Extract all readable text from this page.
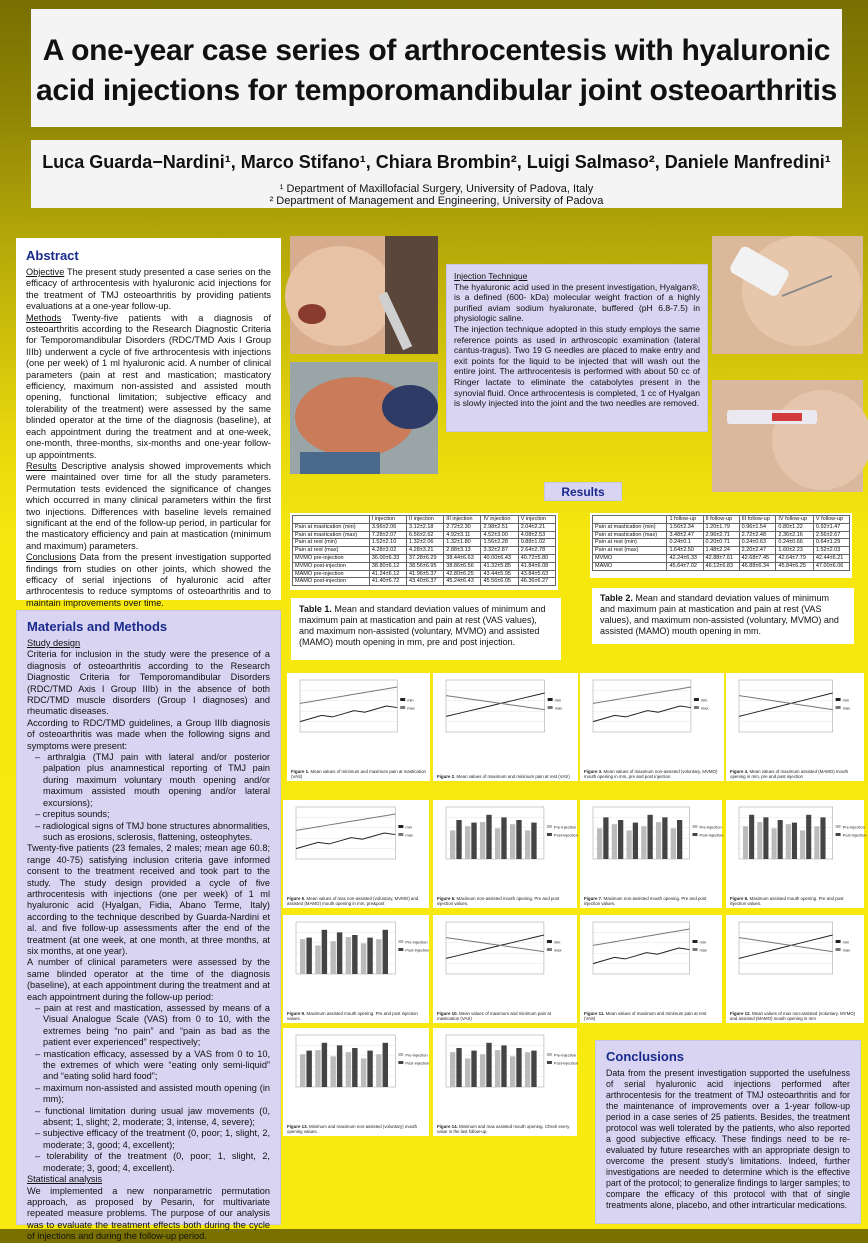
A one-year case series of arthrocentesis with hyaluronic acid injections for temporomandibular joint osteoarthritis
Luca Guarda−Nardini¹, Marco Stifano¹, Chiara Brombin², Luigi Salmaso², Daniele Manfredini¹
¹ Department of Maxillofacial Surgery, University of Padova, Italy
² Department of Management and Engineering, University of Padova
Abstract
Objective The present study presented a case series on the efficacy of arthrocentesis with hyaluronic acid injections for the treatment of TMJ osteoarthritis by providing patients evaluations at a one-year follow-up.
Methods Twenty-five patients with a diagnosis of osteoarthritis according to the Research Diagnostic Criteria for Temporomandibular Disorders (RDC/TMD Axis I Group IIIb) underwent a cycle of five arthrocentesis with injections (one per week) of 1 ml hyaluronic acid. A number of clinical parameters (pain at rest and mastication; masticatory efficiency, maximum non-assisted and assisted mouth opening, functional limitation; subjective efficacy and tolerability of the treatment) were assessed by the same blinded operator at the time of the diagnosis (baseline), at each appointment during the treatment and at one-week, one-month, three-months, six-months and one-year follow-up appointments.
Results Descriptive analysis showed improvements which were maintained over time for all the study parameters. Permutation tests evidenced the significance of changes which occurred in many clinical parameters within the first two injections. Differences with baseline levels remained significant at the end of the follow-up period, in particular for the masticatory efficiency and pain at mastication (minimum and maximum) parameters.
Conclusions Data from the present investigation supported findings from studies on other joints, which showed the efficacy of serial injections of hyaluronic acid after arthrocentesis to reduce symptoms of osteoarthritis and to maintain improvements over time.
Materials and Methods
Study design
Criteria for inclusion in the study were the presence of a diagnosis of osteoarthritis according to the Research Diagnostic Criteria for Temporomandibular Disorders (RDC/TMD Axis I Group IIIb) in the absence of both RDC/TMD muscle disorders (Group I diagnoses) and rheumatic diseases.
According to RDC/TMD guidelines, a Group IIIb diagnosis of osteoarthritis was made when the following signs and symptoms were present:
– arthralgia (TMJ pain with lateral and/or posterior palpation plus anamnestical reporting of TMJ pain during maximum voluntary mouth opening and/or maximum assisted mouth opening and/or lateral excursions);
– crepitus sounds;
– radiological signs of TMJ bone structures abnormalities, such as erosions, sclerosis, flattening, osteophytes.
Twenty-five patients (23 females, 2 males; mean age 60.8; range 40-75) satisfying inclusion criteria gave informed consent to the treatment received and took part to the study. The study design provided a cycle of five arthrocentesis with injections (one per week) of 1 ml hyaluronic acid (Hyalgan, Fidia, Abano Terme, Italy) according to the technique described by Guarda-Nardini et al. and five follow-up assessments after the end of the treatment (at one week, at one month, at three months, at six months, at one year).
A number of clinical parameters were assessed by the same blinded operator at the time of the diagnosis (baseline), at each appointment during the treatment and at each appointment during the follow-up period:
– pain at rest and mastication, assessed by means of a Visual Analogue Scale (VAS) from 0 to 10, with the extremes being “no pain” and “pain as bad as the patient ever experienced” respectively;
– mastication efficacy, assessed by a VAS from 0 to 10, the extremes of which were “eating only semi-liquid” and “eating solid hard food”;
– maximum non-assisted and assisted mouth opening (in mm);
– functional limitation during usual jaw movements (0, absent; 1, slight; 2, moderate; 3, intense, 4, severe);
– subjective efficacy of the treatment (0, poor; 1, slight, 2, moderate; 3, good; 4, excellent);
– tolerability of the treatment (0, poor; 1, slight, 2, moderate; 3, good; 4, excellent).
Statistical analysis
We implemented a new nonparametric permutation approach, as proposed by Pesarin, for multivariate repeated measure problems. The purpose of our analysis was to evaluate the treatment effects both during the cycle of injections and during the follow-up period.
Injection Technique
The hyaluronic acid used in the present investigation, Hyalgan®, is a defined (600- kDa) molecular weight fraction of a highly purified aviam sodium hyaluronate, buffered (pH 6.8-7.5) in physiologic saline.
The injection technique adopted in this study employs the same reference points as used in arthroscopic examination (lateral cantus-tragus). Two 19 G needles are placed to make entry and exit points for the liquid to be injected that will wash out the entire joint. The arthrocentesis is performed with about 50 cc of Ringer lactate to eliminate the catabolytes present in the synovial fluid. Once arthrocentesis is completed, 1 cc of Hyalgan is slowly injected into the joint and the two needles are removed.
Results
	I injection	II injection	III injection	IV injection	V injection
Pain at mastication (min)	3.96±2.06	3.12±2.18	2.72±2.30	2.98±2.51	2.04±2.21
Pain at mastication (max)	7.28±2.07	6.56±2.62	4.92±3.11	4.52±3.00	4.08±2.53
Pain at rest (min)	1.52±2.10	1.32±2.06	1.32±1.80	1.56±2.28	0.88±1.02
Pain at rest (max)	4.28±3.02	4.28±3.21	2.88±3.13	3.32±2.87	2.64±2.78
MVMO pre-injection	36.00±6.33	37.28±6.29	38.44±6.63	40.00±6.43	40.72±5.80
MVMO post-injection	38.80±6.12	38.56±6.95	38.86±6.56	41.32±5.85	41.84±6.08
MAMO pre-injection	41.24±6.12	41.96±5.37	42.80±6.25	43.44±5.95	43.84±5.63
MAMO post-injection	41.40±6.72	43.40±6.37	45.24±6.43	45.56±6.05	46.36±6.27
Table 1. Mean and standard deviation values of minimum and maximum pain at mastication and pain at rest (VAS values), and maximum non-assisted (voluntary, MVMO) and assisted (MAMO) mouth opening in mm, pre and post injection.
	1 follow-up	II follow-up	III follow-up	IV follow-up	V follow-up
Pain at mastication (min)	1.56±2.34	1.20±1.79	0.96±1.54	0.80±1.22	0.92±1.47
Pain at mastication (max)	3.48±2.47	2.96±2.71	2.72±2.48	2.36±2.16	2.56±2.67
Pain at rest (min)	0.24±0.1	0.20±0.71	0.24±0.63	0.24±0.66	0.64±1.29
Pain at rest (max)	1.64±2.50	1.48±2.24	2.20±2.47	1.60±2.23	1.52±2.03
MVMO	42.24±6.33	42.88±7.61	42.68±7.45	42.64±7.79	42.44±6.21
MAMO	45.64±7.02	46.12±6.83	46.88±6.34	45.84±6.25	47.00±6.06
Table 2. Mean and standard deviation values of minimum and maximum pain at mastication and pain at rest (VAS values), and maximum non-assisted (voluntary, MVMO) and assisted (MAMO) mouth opening in mm.
min
max
Figure 1. Mean values of minimum and maximum pain at mastication (VAS)
min
max
Figure 2. Mean values of maximum and minimum pain at rest (VAS)
min
max
Figure 3. Mean values of maximum non-assisted (voluntary, MVMO) mouth opening in mm, pre and post injection
min
max
Figure 4. Mean values of maximum assisted (MAMO) mouth opening in mm, pre and post injection
min
max
Figure 5. Mean values of max non-assisted (voluntary, MVMO) and assisted (MAMO) mouth opening in mm, pre&post
Pre-injection
Post-injection
Figure 6. Maximum non-assisted mouth opening. Pre and post injection values.
Pre-injection
Post-injection
Figure 7. Maximum non-assisted mouth opening. Pre and post injection values.
Pre-injection
Post-injection
Figure 8. Maximum assisted mouth opening. Pre and post injection values.
Pre-injection
Post-injection
Figure 9. Maximum assisted mouth opening. Pre and post injection values.
min
max
Figure 10. Mean values of maximum and minimum pain at mastication (VAS)
min
max
Figure 11. Mean values of maximum and minimum pain at rest (VAS)
min
max
Figure 12. Mean values of max non-assisted (voluntary, MVMO) and assisted (MAMO) mouth opening in mm
Pre-injection
Post-injection
Figure 13. Minimum and maximum non-assisted (voluntary) mouth opening values.
Pre-injection
Post-injection
Figure 14. Minimum and max assisted mouth opening. Check every value in the last follow-up.
Conclusions
Data from the present investigation supported the usefulness of serial hyaluronic acid injections performed after arthrocentesis for the treatment of TMJ osteoarthritis and for the maintenance of improvements over a 1-year follow-up period in a case series of 25 patients. Besides, the treatment protocol was well tolerated by the patients, who also reported a good subjective efficacy. These findings need to be re-evaluated by future researches with an appropriate design to overcome the present study's limitations. Indeed, further investigations are needed to determine which is the effective part of the protocol; to generalize findings to larger samples; to compare the efficacy of this protocol with that of single treatments alone, placebo, and other intrarticular medications.
